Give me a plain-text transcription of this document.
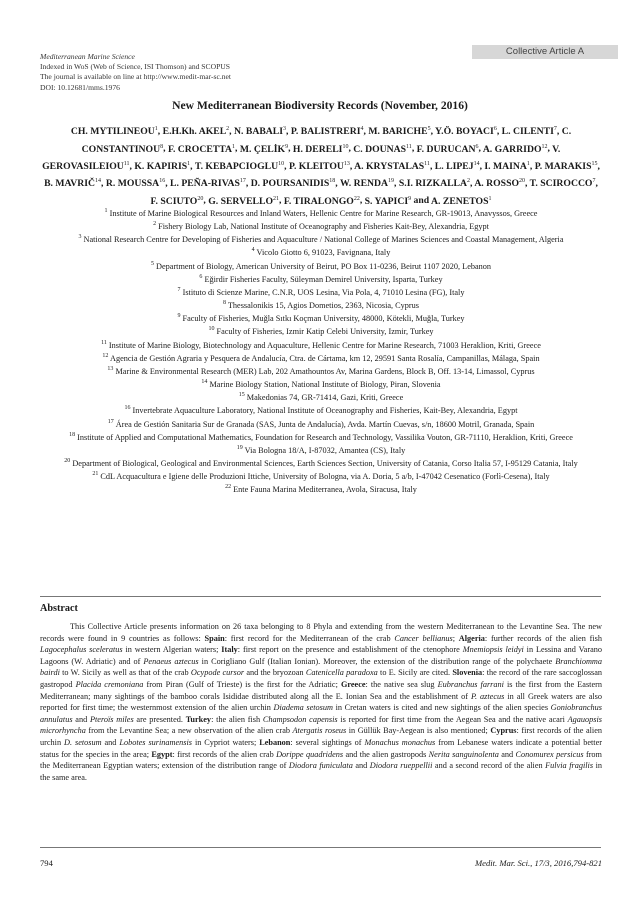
Collective Article A
Mediterranean Marine Science
Indexed in WoS (Web of Science, ISI Thomson) and SCOPUS
The journal is available on line at http://www.medit-mar-sc.net
DOI: 10.12681/mms.1976
New Mediterranean Biodiversity Records (November, 2016)
CH. MYTILINEOU$^1$, E.H.Kh. AKEL$^2$, N. BABALI$^3$, P. BALISTRERI$^4$, M. BARICHE$^5$, Y.Ö. BOYACI$^6$, L. CILENTI$^7$, C. CONSTANTINOU$^8$, F. CROCETTA$^1$, M. ÇELİK$^9$, H. DERELI$^{10}$, C. DOUNAS$^{11}$, F. DURUCAN$^6$, A. GARRIDO$^{12}$, V. GEROVASILEIOU$^{11}$, K. KAPIRIS$^1$, T. KEBAPCIOGLU$^{10}$, P. KLEITOU$^{13}$, A. KRYSTALAS$^{11}$, L. LIPEJ$^{14}$, I. MAINA$^1$, P. MARAKIS$^{15}$, B. MAVRIČ$^{14}$, R. MOUSSA$^{16}$, L. PEÑA-RIVAS$^{17}$, D. POURSANIDIS$^{18}$, W. RENDA$^{19}$, S.I. RIZKALLA$^2$, A. ROSSO$^{20}$, T. SCIROCCO$^7$, F. SCIUTO$^{20}$, G. SERVELLO$^{21}$, F. TIRALONGO$^{22}$, S. YAPICI$^9$ and A. ZENETOS$^1$
$^1$ Institute of Marine Biological Resources and Inland Waters, Hellenic Centre for Marine Research, GR-19013, Anavyssos, Greece
$^2$ Fishery Biology Lab, National Institute of Oceanography and Fisheries Kait-Bey, Alexandria, Egypt
$^3$ National Research Centre for Developing of Fisheries and Aquaculture / National College of Marines Sciences and Coastal Management, Algeria
$^4$ Vicolo Giotto 6, 91023, Favignana, Italy
$^5$ Department of Biology, American University of Beirut, PO Box 11-0236, Beirut 1107 2020, Lebanon
$^6$ Eğirdir Fisheries Faculty, Süleyman Demirel University, Isparta, Turkey
$^7$ Istituto di Scienze Marine, C.N.R, UOS Lesina, Via Pola, 4, 71010 Lesina (FG), Italy
$^8$ Thessalonikis 15, Agios Dometios, 2363, Nicosia, Cyprus
$^9$ Faculty of Fisheries, Muğla Sıtkı Koçman University, 48000, Kötekli, Muğla, Turkey
$^{10}$ Faculty of Fisheries, Izmir Katip Celebi University, Izmir, Turkey
$^{11}$ Institute of Marine Biology, Biotechnology and Aquaculture, Hellenic Centre for Marine Research, 71003 Heraklion, Kriti, Greece
$^{12}$ Agencia de Gestión Agraria y Pesquera de Andalucía, Ctra. de Cártama, km 12, 29591 Santa Rosalía, Campanillas, Málaga, Spain
$^{13}$ Marine & Environmental Research (MER) Lab, 202 Amathountos Av, Marina Gardens, Block B, Off. 13-14, Limassol, Cyprus
$^{14}$ Marine Biology Station, National Institute of Biology, Piran, Slovenia
$^{15}$ Makedonias 74, GR-71414, Gazi, Kriti, Greece
$^{16}$ Invertebrate Aquaculture Laboratory, National Institute of Oceanography and Fisheries, Kait-Bey, Alexandria, Egypt
$^{17}$ Área de Gestión Sanitaria Sur de Granada (SAS, Junta de Andalucía), Avda. Martín Cuevas, s/n, 18600 Motril, Granada, Spain
$^{18}$ Institute of Applied and Computational Mathematics, Foundation for Research and Technology, Vassilika Vouton, GR-71110, Heraklion, Kriti, Greece
$^{19}$ Via Bologna 18/A, I-87032, Amantea (CS), Italy
$^{20}$ Department of Biological, Geological and Environmental Sciences, Earth Sciences Section, University of Catania, Corso Italia 57, I-95129 Catania, Italy
$^{21}$ CdL Acquacultura e Igiene delle Produzioni Ittiche, University of Bologna, via A. Doria, 5 a/b, I-47042 Cesenatico (Forlì-Cesena), Italy
$^{22}$ Ente Fauna Marina Mediterranea, Avola, Siracusa, Italy
Abstract
This Collective Article presents information on 26 taxa belonging to 8 Phyla and extending from the western Mediterranean to the Levantine Sea. The new records were found in 9 countries as follows: Spain: first record for the Mediterranean of the crab Cancer bellianus; Algeria: further records of the alien fish Lagocephalus sceleratus in western Algerian waters; Italy: first report on the presence and establishment of the ctenophore Mnemiopsis leidyi in Lessina and Varano Lagoons (W. Adriatic) and of Penaeus aztecus in Corigliano Gulf (Italian Ionian). Moreover, the extension of the distribution range of the polychaete Branchiomma bairdi to W. Sicily as well as that of the crab Ocypode cursor and the bryozoan Catenicella paradoxa to E. Sicily are cited. Slovenia: the record of the rare saccoglossan gastropod Placida cremoniana from Piran (Gulf of Trieste) is the first for the Adriatic; Greece: the native sea slug Eubranchus farrani is the first from the Eastern Mediterranean; many sightings of the bamboo corals Isididae distributed along all the E. Ionian Sea and the establishment of P. aztecus in all Greek waters are also reported for first time; the westernmost extension of the alien urchin Diadema setosum in Cretan waters is cited and new sightings of the alien species Goniobranchus annulatus and Pteroïs miles are presented. Turkey: the alien fish Champsodon capensis is reported for first time from the Aegean Sea and the native acari Agauopsis microrhyncha from the Levantine Sea; a new observation of the alien crab Atergatis roseus in Güllük Bay-Aegean is also mentioned; Cyprus: first records of the alien urchin D. setosum and Lobotes surinamensis in Cypriot waters; Lebanon: several sightings of Monachus monachus from Lebanese waters indicate a potential better status for the species in the area; Egypt: first records of the alien crab Dorippe quadridens and the alien gastropods Nerita sanguinolenta and Conomurex persicus from the Mediterranean Egyptian waters; extension of the distribution range of Diodora funiculata and Diodora rueppellii and a second record of the alien Fulvia fragilis in the same area.
794	Medit. Mar. Sci., 17/3, 2016,794-821
